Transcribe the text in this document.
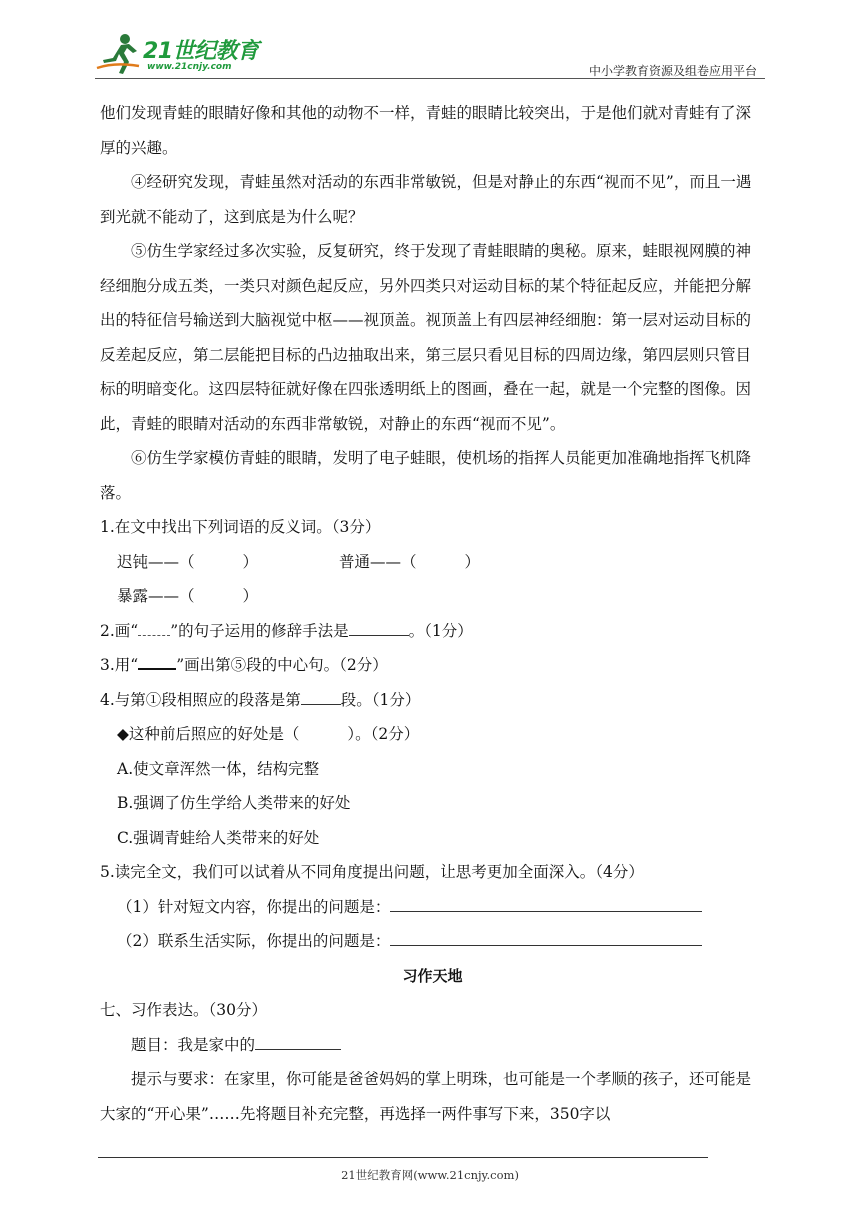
21世纪教育
www.21cnjy.com	中小学教育资源及组卷应用平台

他们发现青蛙的眼睛好像和其他的动物不一样，青蛙的眼睛比较突出，于是他们就对青蛙有了深厚的兴趣。

④经研究发现，青蛙虽然对活动的东西非常敏锐，但是对静止的东西“视而不见”，而且一遇到光就不能动了，这到底是为什么呢？

⑤仿生学家经过多次实验，反复研究，终于发现了青蛙眼睛的奥秘。原来，蛙眼视网膜的神经细胞分成五类，一类只对颜色起反应，另外四类只对运动目标的某个特征起反应，并能把分解出的特征信号输送到大脑视觉中枢——视顶盖。视顶盖上有四层神经细胞：第一层对运动目标的反差起反应，第二层能把目标的凸边抽取出来，第三层只看见目标的四周边缘，第四层则只管目标的明暗变化。这四层特征就好像在四张透明纸上的图画，叠在一起，就是一个完整的图像。因此，青蛙的眼睛对活动的东西非常敏锐，对静止的东西“视而不见”。

⑥仿生学家模仿青蛙的眼睛，发明了电子蛙眼，使机场的指挥人员能更加准确地指挥飞机降落。

1.在文中找出下列词语的反义词。（3分）

迟钝——（	）	普通——（	）

暴露——（	）

2.画“ ”的句子运用的修辞手法是	。（1分）

3.用“ ”画出第⑤段的中心句。（2分）

4.与第①段相照应的段落是第	段。（1分）

◆这种前后照应的好处是（	）。（2分）

A.使文章浑然一体，结构完整

B.强调了仿生学给人类带来的好处

C.强调青蛙给人类带来的好处

5.读完全文，我们可以试着从不同角度提出问题，让思考更加全面深入。（4分）

（1）针对短文内容，你提出的问题是：

（2）联系生活实际，你提出的问题是：

习作天地

七、习作表达。（30分）

题目：我是家中的

提示与要求：在家里，你可能是爸爸妈妈的掌上明珠，也可能是一个孝顺的孩子，还可能是大家的“开心果”……先将题目补充完整，再选择一两件事写下来，350字以

21世纪教育网(www.21cnjy.com)
